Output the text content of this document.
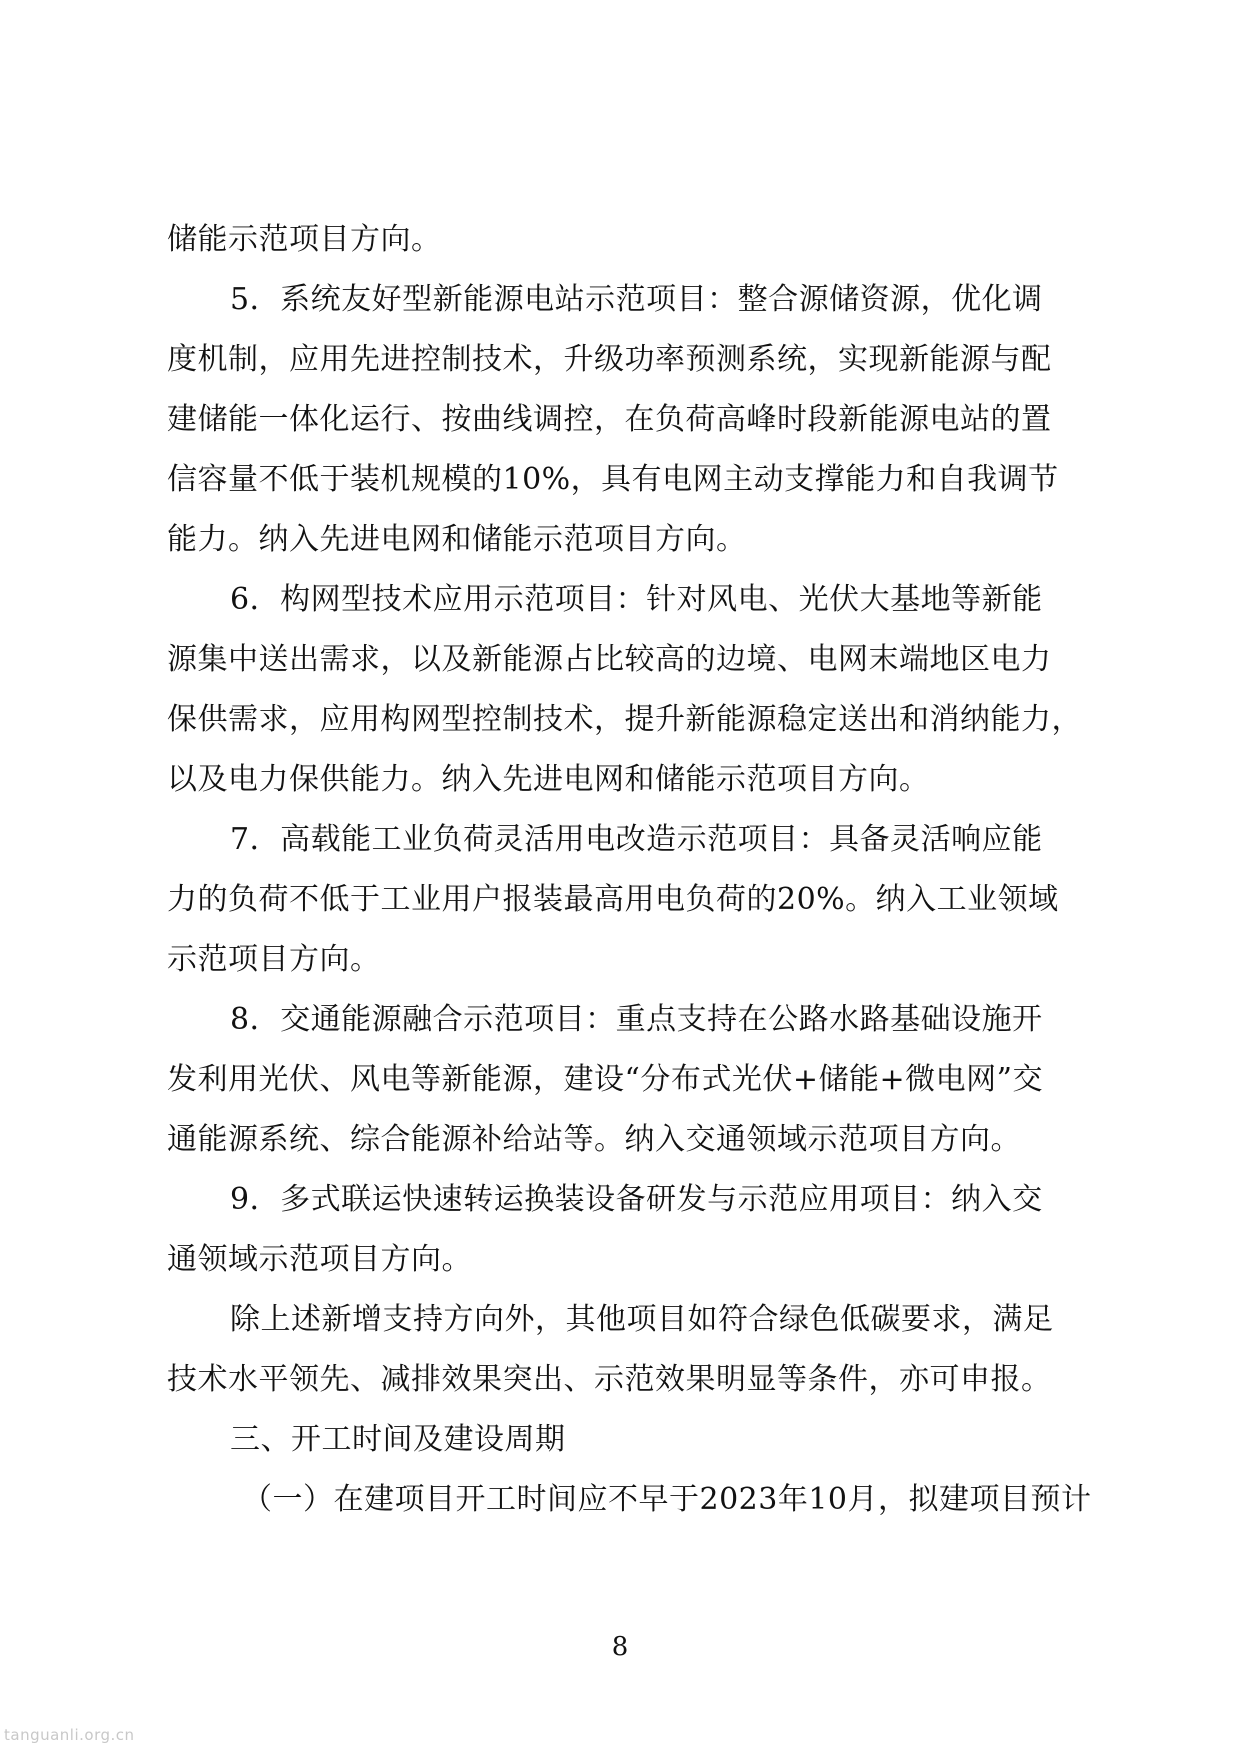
储能示范项目方向。
5．系统友好型新能源电站示范项目：整合源储资源，优化调
度机制，应用先进控制技术，升级功率预测系统，实现新能源与配
建储能一体化运行、按曲线调控，在负荷高峰时段新能源电站的置
信容量不低于装机规模的10%，具有电网主动支撑能力和自我调节
能力。纳入先进电网和储能示范项目方向。
6．构网型技术应用示范项目：针对风电、光伏大基地等新能
源集中送出需求，以及新能源占比较高的边境、电网末端地区电力
保供需求，应用构网型控制技术，提升新能源稳定送出和消纳能力，
以及电力保供能力。纳入先进电网和储能示范项目方向。
7．高载能工业负荷灵活用电改造示范项目：具备灵活响应能
力的负荷不低于工业用户报装最高用电负荷的20%。纳入工业领域
示范项目方向。
8．交通能源融合示范项目：重点支持在公路水路基础设施开
发利用光伏、风电等新能源，建设“分布式光伏+储能+微电网”交
通能源系统、综合能源补给站等。纳入交通领域示范项目方向。
9．多式联运快速转运换装设备研发与示范应用项目：纳入交
通领域示范项目方向。
除上述新增支持方向外，其他项目如符合绿色低碳要求，满足
技术水平领先、减排效果突出、示范效果明显等条件，亦可申报。
三、开工时间及建设周期
（一）在建项目开工时间应不早于2023年10月，拟建项目预计
8
tanguanli.org.cn
